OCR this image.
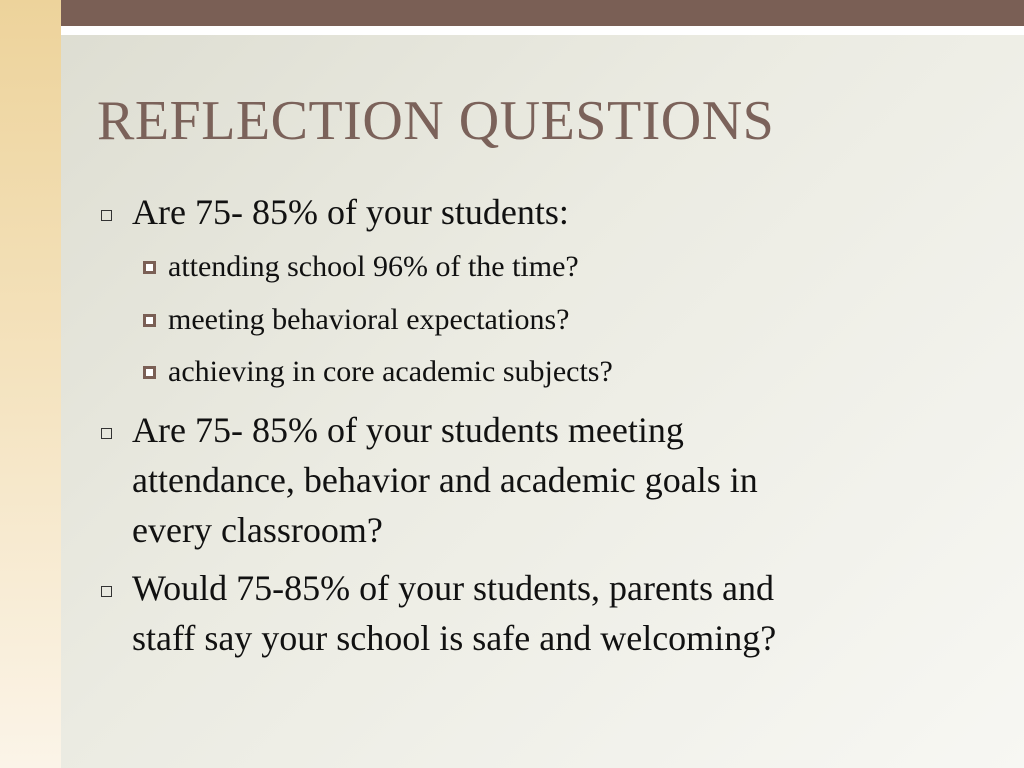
REFLECTION QUESTIONS
Are 75- 85% of your students:
attending school 96% of the time?
meeting behavioral expectations?
achieving in core academic subjects?
Are 75- 85% of your students meeting
attendance, behavior and academic goals in
every classroom?
Would 75-85% of your students, parents and
staff say your school is safe and welcoming?
